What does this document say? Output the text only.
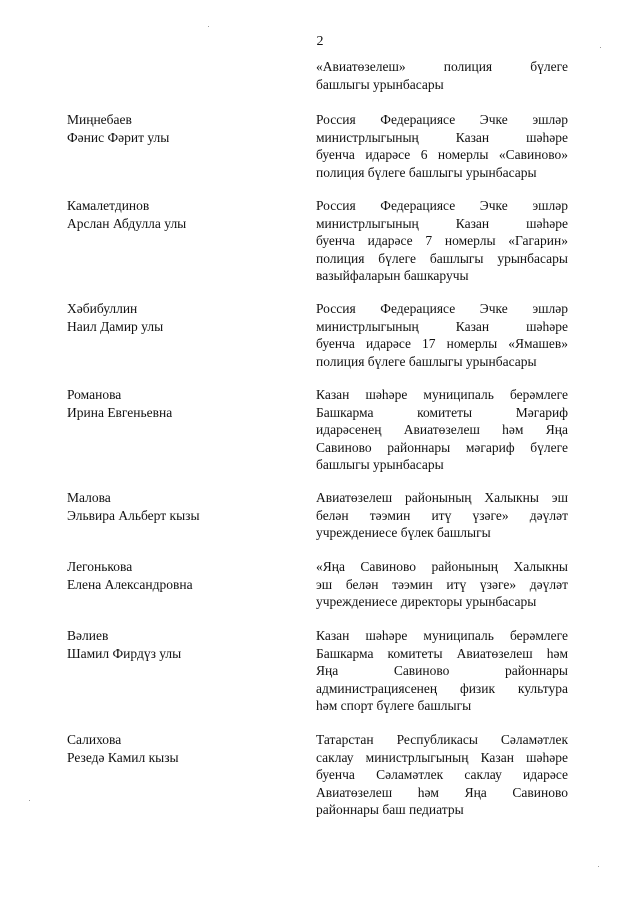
2
«Авиатөзелеш» полиция бүлеге
башлыгы урынбасары
Миңнебаев
Фәнис Фәрит улы
Россия Федерациясе Эчке эшләр
министрлыгының Казан шәһәре
буенча идарәсе 6 номерлы «Савиново»
полиция бүлеге башлыгы урынбасары
Камалетдинов
Арслан Абдулла улы
Россия Федерациясе Эчке эшләр
министрлыгының Казан шәһәре
буенча идарәсе 7 номерлы «Гагарин»
полиция бүлеге башлыгы урынбасары
вазыйфаларын башкаручы
Хәбибуллин
Наил Дамир улы
Россия Федерациясе Эчке эшләр
министрлыгының Казан шәһәре
буенча идарәсе 17 номерлы «Ямашев»
полиция бүлеге башлыгы урынбасары
Романова
Ирина Евгеньевна
Казан шәһәре муниципаль берәмлеге
Башкарма комитеты Мәгариф
идарәсенең Авиатөзелеш һәм Яңа
Савиново районнары мәгариф бүлеге
башлыгы урынбасары
Малова
Эльвира Альберт кызы
Авиатөзелеш районының Халыкны эш
белән тәэмин итү үзәге» дәүләт
учреждениесе бүлек башлыгы
Легонькова
Елена Александровна
«Яңа Савиново районының Халыкны
эш белән тәэмин итү үзәге» дәүләт
учреждениесе директоры урынбасары
Вәлиев
Шамил Фирдүз улы
Казан шәһәре муниципаль берәмлеге
Башкарма комитеты Авиатөзелеш һәм
Яңа Савиново районнары
администрациясенең физик культура
һәм спорт бүлеге башлыгы
Салихова
Резедә Камил кызы
Татарстан Республикасы Сәламәтлек
саклау министрлыгының Казан шәһәре
буенча Сәламәтлек саклау идарәсе
Авиатөзелеш һәм Яңа Савиново
районнары баш педиатры
